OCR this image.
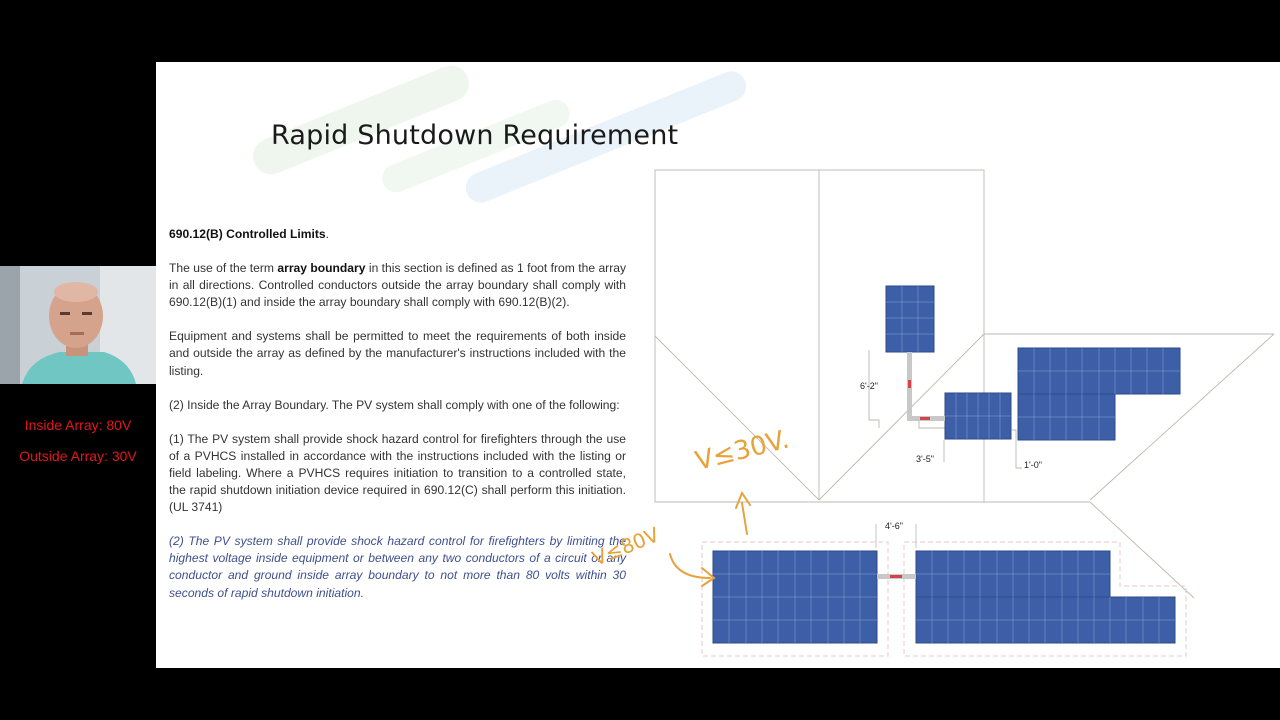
Rapid Shutdown Requirement

690.12(B) Controlled Limits.

The use of the term array boundary in this section is defined as 1 foot from the array in all directions. Controlled conductors outside the array boundary shall comply with 690.12(B)(1) and inside the array boundary shall comply with 690.12(B)(2).

Equipment and systems shall be permitted to meet the requirements of both inside and outside the array as defined by the manufacturer's instructions included with the listing.

(2) Inside the Array Boundary. The PV system shall comply with one of the following:

(1) The PV system shall provide shock hazard control for firefighters through the use of a PVHCS installed in accordance with the instructions included with the listing or field labeling. Where a PVHCS requires initiation to transition to a controlled state, the rapid shutdown initiation device required in 690.12(C) shall perform this initiation. (UL 3741)

(2) The PV system shall provide shock hazard control for firefighters by limiting the highest voltage inside equipment or between any two conductors of a circuit or any conductor and ground inside array boundary to not more than 80 volts within 30 seconds of rapid shutdown initiation.

Inside Array: 80V
Outside Array: 30V
6'-2"
3'-5"
1'-0"
4'-6"
V≤30V.
V≤80V
